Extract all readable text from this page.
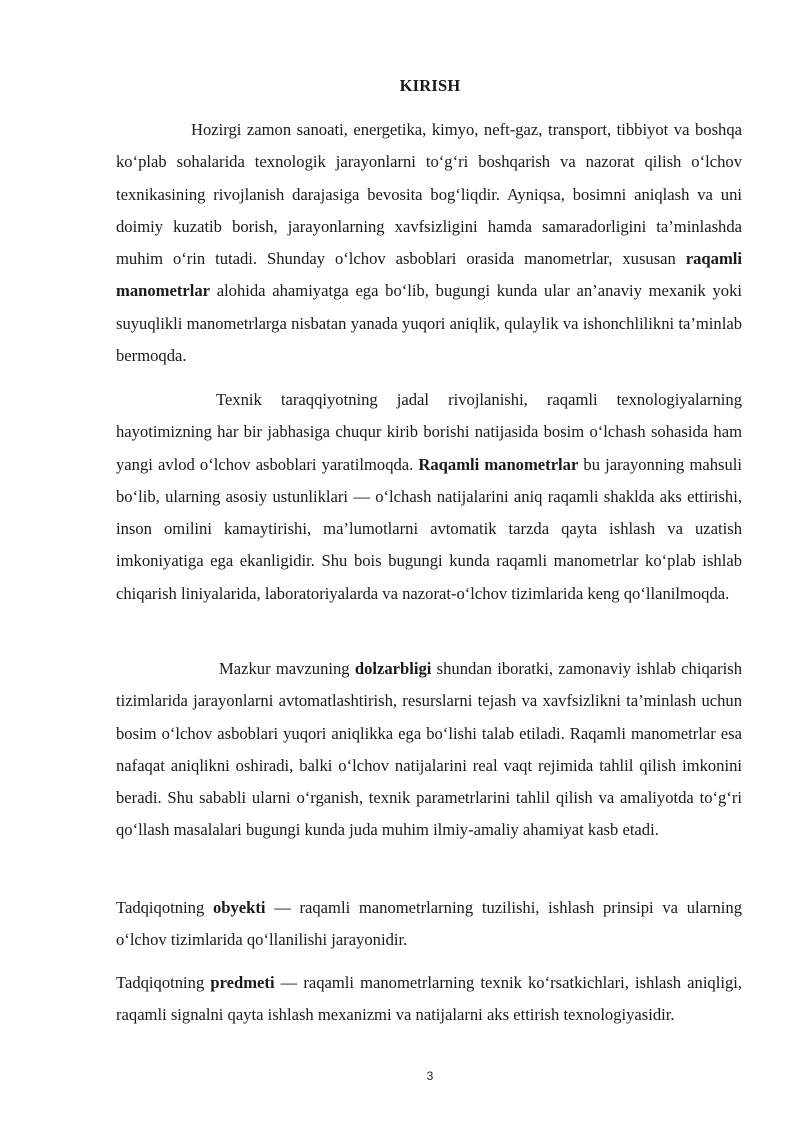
KIRISH

Hozirgi zamon sanoati, energetika, kimyo, neft-gaz, transport, tibbiyot va boshqa ko‘plab sohalarida texnologik jarayonlarni to‘g‘ri boshqarish va nazorat qilish o‘lchov texnikasining rivojlanish darajasiga bevosita bog‘liqdir. Ayniqsa, bosimni aniqlash va uni doimiy kuzatib borish, jarayonlarning xavfsizligini hamda samaradorligini ta’minlashda muhim o‘rin tutadi. Shunday o‘lchov asboblari orasida manometrlar, xususan raqamli manometrlar alohida ahamiyatga ega bo‘lib, bugungi kunda ular an’anaviy mexanik yoki suyuqlikli manometrlarga nisbatan yanada yuqori aniqlik, qulaylik va ishonchlilikni ta’minlab bermoqda.

Texnik taraqqiyotning jadal rivojlanishi, raqamli texnologiyalarning hayotimizning har bir jabhasiga chuqur kirib borishi natijasida bosim o‘lchash sohasida ham yangi avlod o‘lchov asboblari yaratilmoqda. Raqamli manometrlar bu jarayonning mahsuli bo‘lib, ularning asosiy ustunliklari — o‘lchash natijalarini aniq raqamli shaklda aks ettirishi, inson omilini kamaytirishi, ma’lumotlarni avtomatik tarzda qayta ishlash va uzatish imkoniyatiga ega ekanligidir. Shu bois bugungi kunda raqamli manometrlar ko‘plab ishlab chiqarish liniyalarida, laboratoriyalarda va nazorat-o‘lchov tizimlarida keng qo‘llanilmoqda.

Mazkur mavzuning dolzarbligi shundan iboratki, zamonaviy ishlab chiqarish tizimlarida jarayonlarni avtomatlashtirish, resurslarni tejash va xavfsizlikni ta’minlash uchun bosim o‘lchov asboblari yuqori aniqlikka ega bo‘lishi talab etiladi. Raqamli manometrlar esa nafaqat aniqlikni oshiradi, balki o‘lchov natijalarini real vaqt rejimida tahlil qilish imkonini beradi. Shu sababli ularni o‘rganish, texnik parametrlarini tahlil qilish va amaliyotda to‘g‘ri qo‘llash masalalari bugungi kunda juda muhim ilmiy-amaliy ahamiyat kasb etadi.

Tadqiqotning obyekti — raqamli manometrlarning tuzilishi, ishlash prinsipi va ularning o‘lchov tizimlarida qo‘llanilishi jarayonidir.

Tadqiqotning predmeti — raqamli manometrlarning texnik ko‘rsatkichlari, ishlash aniqligi, raqamli signalni qayta ishlash mexanizmi va natijalarni aks ettirish texnologiyasidir.

3
